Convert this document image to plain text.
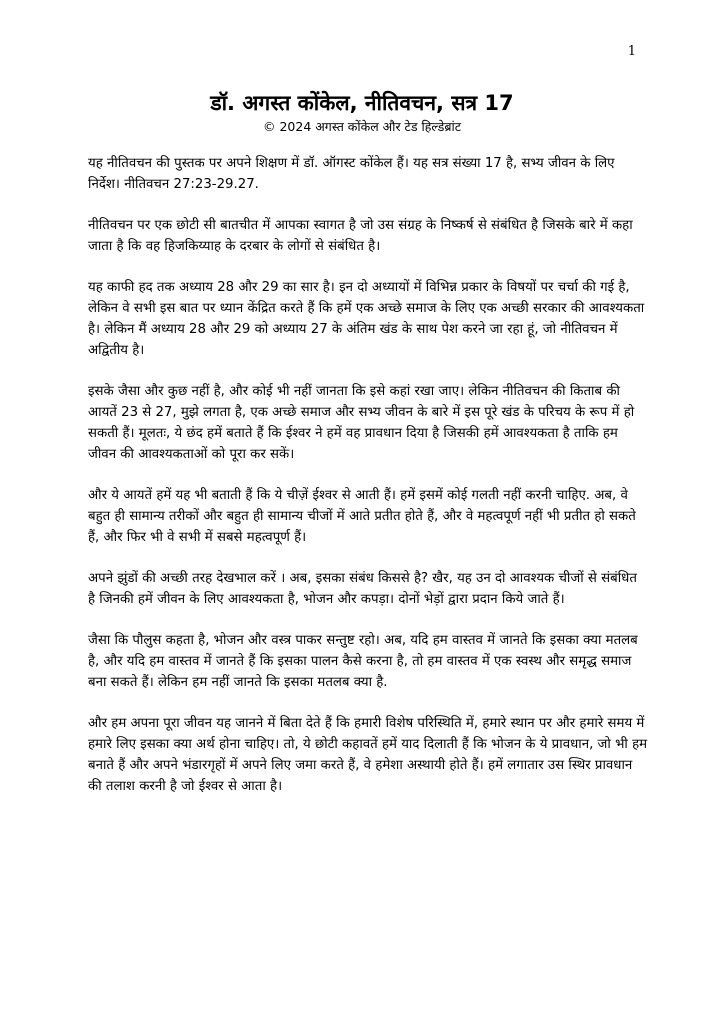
1
डॉ. अगस्त कोंकेल, नीतिवचन, सत्र 17

© 2024 अगस्त कोंकेल और टेड हिल्डेब्रांट

यह नीतिवचन की पुस्तक पर अपने शिक्षण में डॉ. ऑगस्ट कोंकेल हैं। यह सत्र संख्या 17 है, सभ्य जीवन के लिए निर्देश। नीतिवचन 27:23-29.27.

नीतिवचन पर एक छोटी सी बातचीत में आपका स्वागत है जो उस संग्रह के निष्कर्ष से संबंधित है जिसके बारे में कहा जाता है कि वह हिजकिय्याह के दरबार के लोगों से संबंधित है।

यह काफी हद तक अध्याय 28 और 29 का सार है। इन दो अध्यायों में विभिन्न प्रकार के विषयों पर चर्चा की गई है, लेकिन वे सभी इस बात पर ध्यान केंद्रित करते हैं कि हमें एक अच्छे समाज के लिए एक अच्छी सरकार की आवश्यकता है। लेकिन मैं अध्याय 28 और 29 को अध्याय 27 के अंतिम खंड के साथ पेश करने जा रहा हूं, जो नीतिवचन में अद्वितीय है।

इसके जैसा और कुछ नहीं है, और कोई भी नहीं जानता कि इसे कहां रखा जाए। लेकिन नीतिवचन की किताब की आयतें 23 से 27, मुझे लगता है, एक अच्छे समाज और सभ्य जीवन के बारे में इस पूरे खंड के परिचय के रूप में हो सकती हैं। मूलतः, ये छंद हमें बताते हैं कि ईश्वर ने हमें वह प्रावधान दिया है जिसकी हमें आवश्यकता है ताकि हम जीवन की आवश्यकताओं को पूरा कर सकें।

और ये आयतें हमें यह भी बताती हैं कि ये चीज़ें ईश्वर से आती हैं। हमें इसमें कोई गलती नहीं करनी चाहिए. अब, वे बहुत ही सामान्य तरीकों और बहुत ही सामान्य चीजों में आते प्रतीत होते हैं, और वे महत्वपूर्ण नहीं भी प्रतीत हो सकते हैं, और फिर भी वे सभी में सबसे महत्वपूर्ण हैं।

अपने झुंडों की अच्छी तरह देखभाल करें । अब, इसका संबंध किससे है? खैर, यह उन दो आवश्यक चीजों से संबंधित है जिनकी हमें जीवन के लिए आवश्यकता है, भोजन और कपड़ा। दोनों भेड़ों द्वारा प्रदान किये जाते हैं।

जैसा कि पौलुस कहता है, भोजन और वस्त्र पाकर सन्तुष्ट रहो। अब, यदि हम वास्तव में जानते कि इसका क्या मतलब है, और यदि हम वास्तव में जानते हैं कि इसका पालन कैसे करना है, तो हम वास्तव में एक स्वस्थ और समृद्ध समाज बना सकते हैं। लेकिन हम नहीं जानते कि इसका मतलब क्या है.

और हम अपना पूरा जीवन यह जानने में बिता देते हैं कि हमारी विशेष परिस्थिति में, हमारे स्थान पर और हमारे समय में हमारे लिए इसका क्या अर्थ होना चाहिए। तो, ये छोटी कहावतें हमें याद दिलाती हैं कि भोजन के ये प्रावधान, जो भी हम बनाते हैं और अपने भंडारगृहों में अपने लिए जमा करते हैं, वे हमेशा अस्थायी होते हैं। हमें लगातार उस स्थिर प्रावधान की तलाश करनी है जो ईश्वर से आता है।
